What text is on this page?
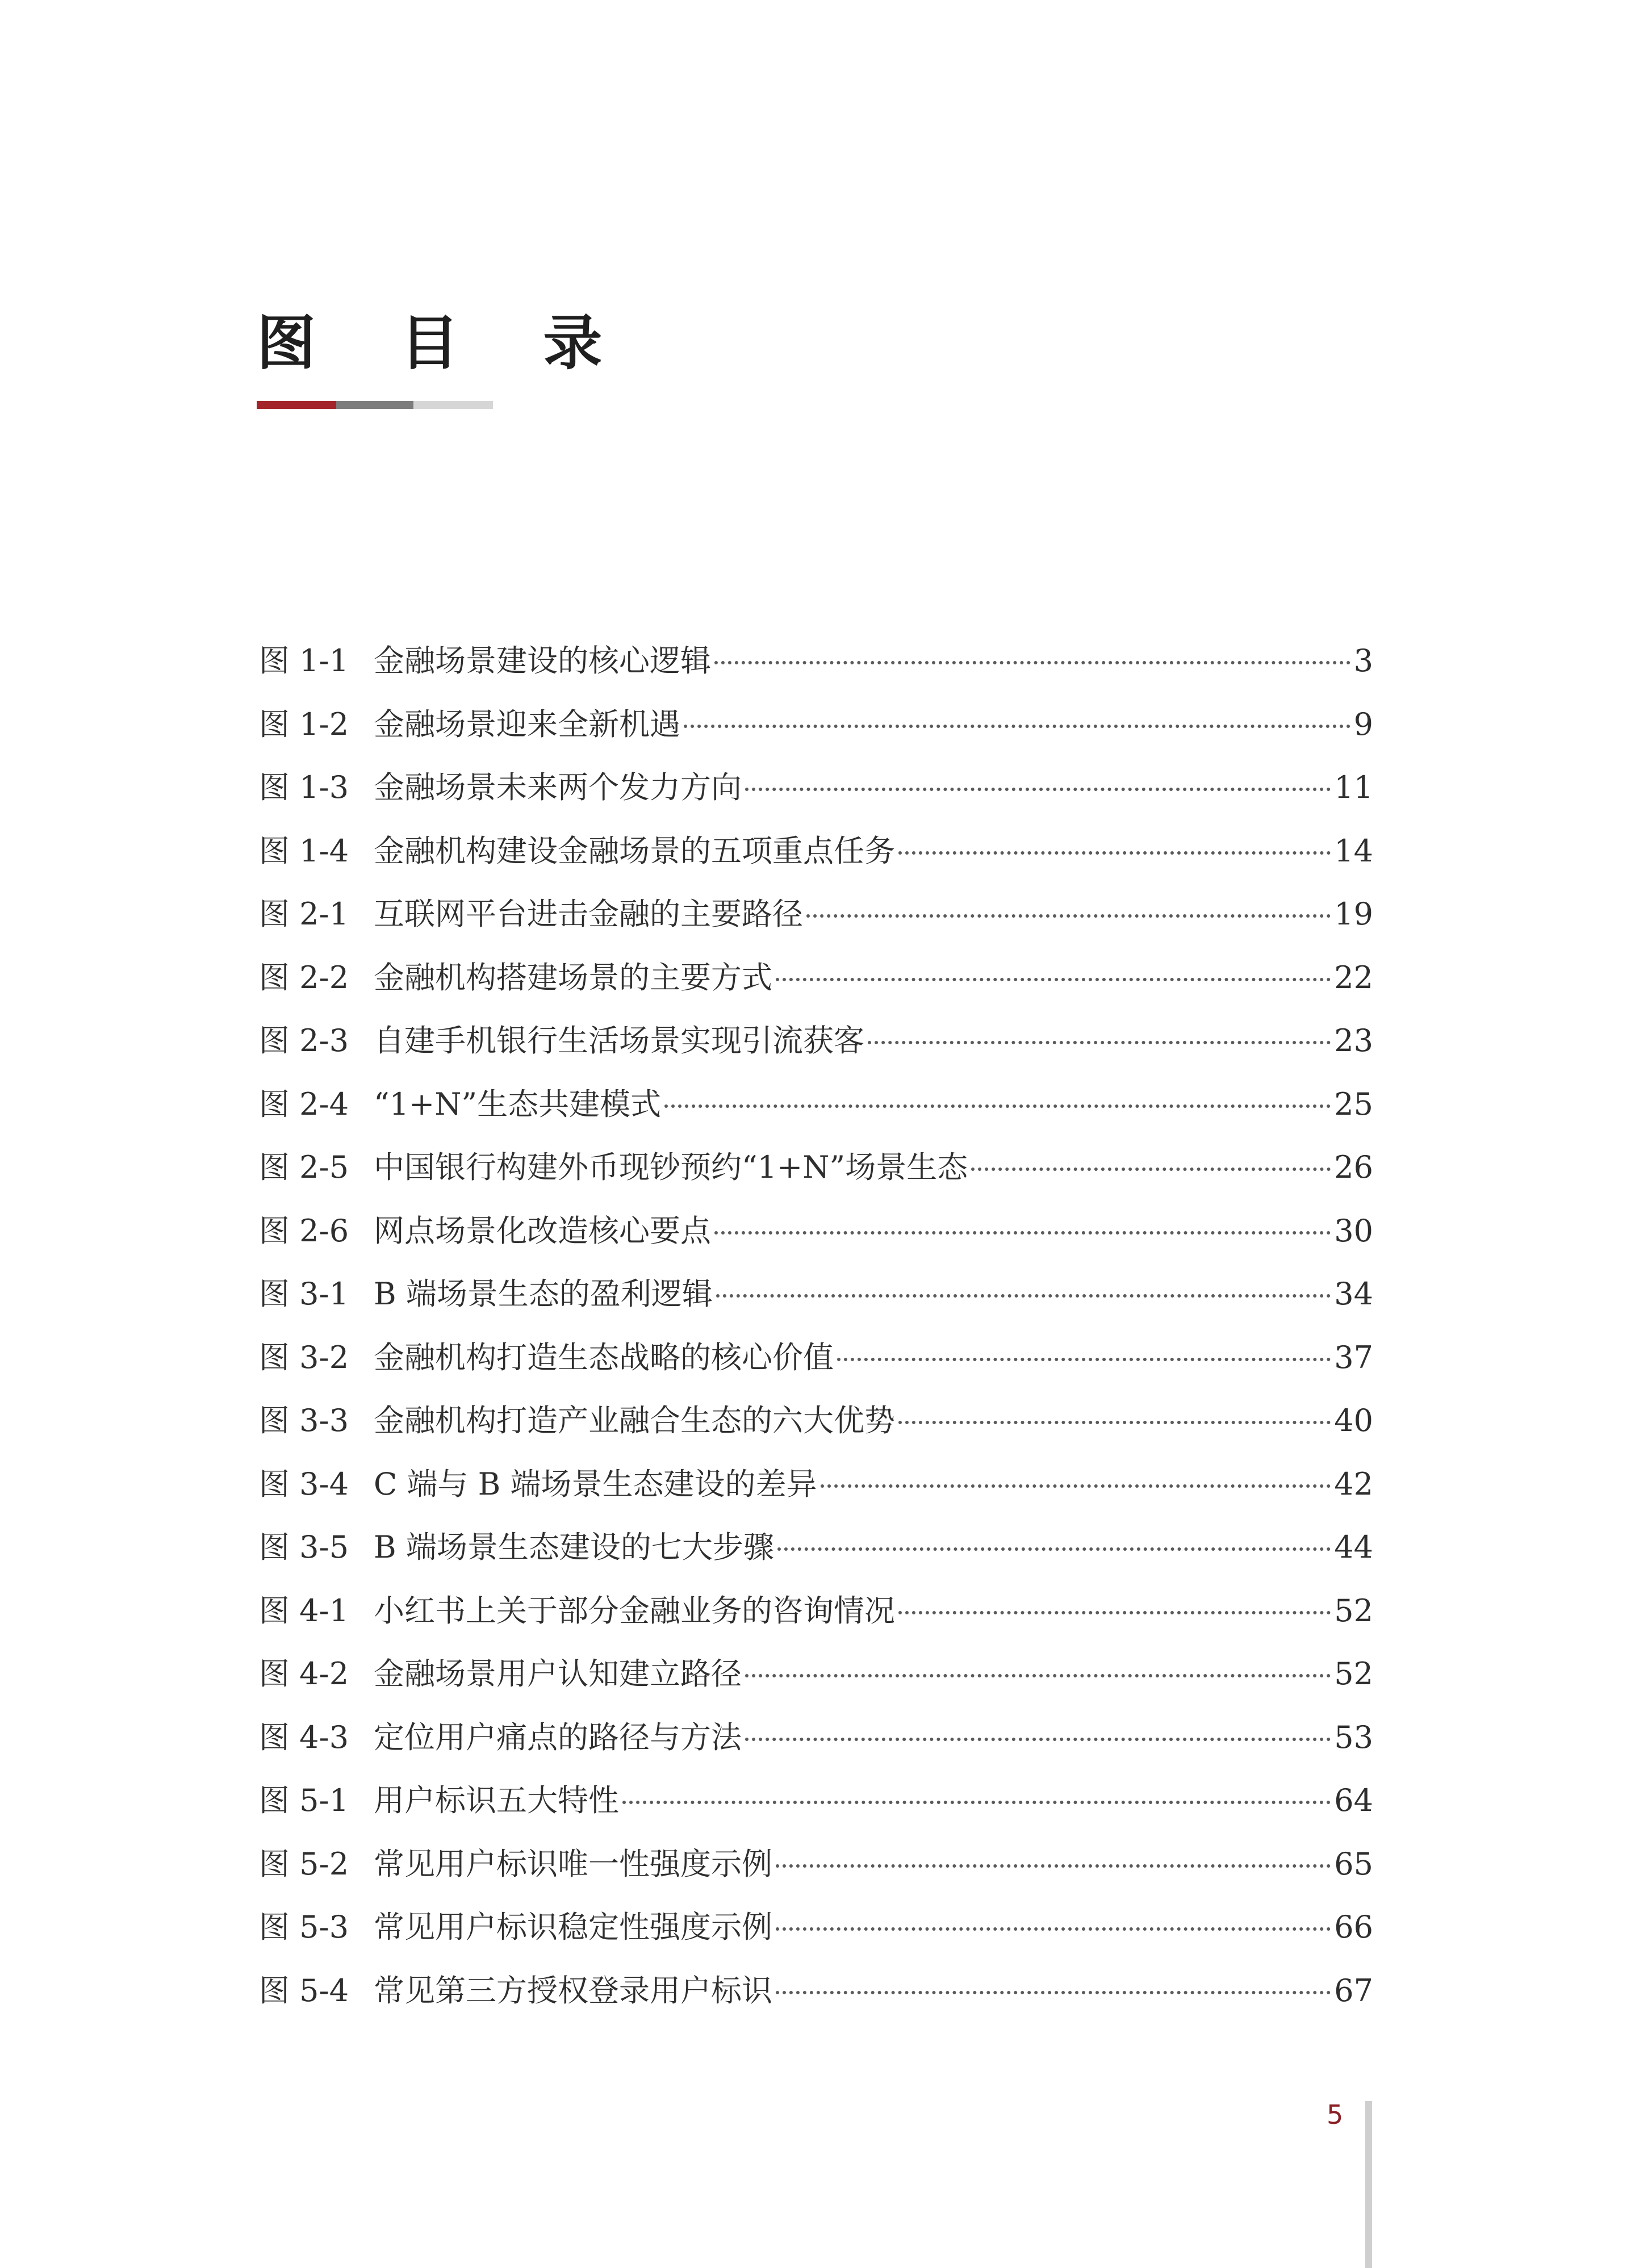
图 目 录
图 1-1 金融场景建设的核心逻辑	3
图 1-2 金融场景迎来全新机遇	9
图 1-3 金融场景未来两个发力方向	11
图 1-4 金融机构建设金融场景的五项重点任务	14
图 2-1 互联网平台进击金融的主要路径	19
图 2-2 金融机构搭建场景的主要方式	22
图 2-3 自建手机银行生活场景实现引流获客	23
图 2-4 “1+N”生态共建模式	25
图 2-5 中国银行构建外币现钞预约“1+N”场景生态	26
图 2-6 网点场景化改造核心要点	30
图 3-1 B 端场景生态的盈利逻辑	34
图 3-2 金融机构打造生态战略的核心价值	37
图 3-3 金融机构打造产业融合生态的六大优势	40
图 3-4 C 端与 B 端场景生态建设的差异	42
图 3-5 B 端场景生态建设的七大步骤	44
图 4-1 小红书上关于部分金融业务的咨询情况	52
图 4-2 金融场景用户认知建立路径	52
图 4-3 定位用户痛点的路径与方法	53
图 5-1 用户标识五大特性	64
图 5-2 常见用户标识唯一性强度示例	65
图 5-3 常见用户标识稳定性强度示例	66
图 5-4 常见第三方授权登录用户标识	67
5
